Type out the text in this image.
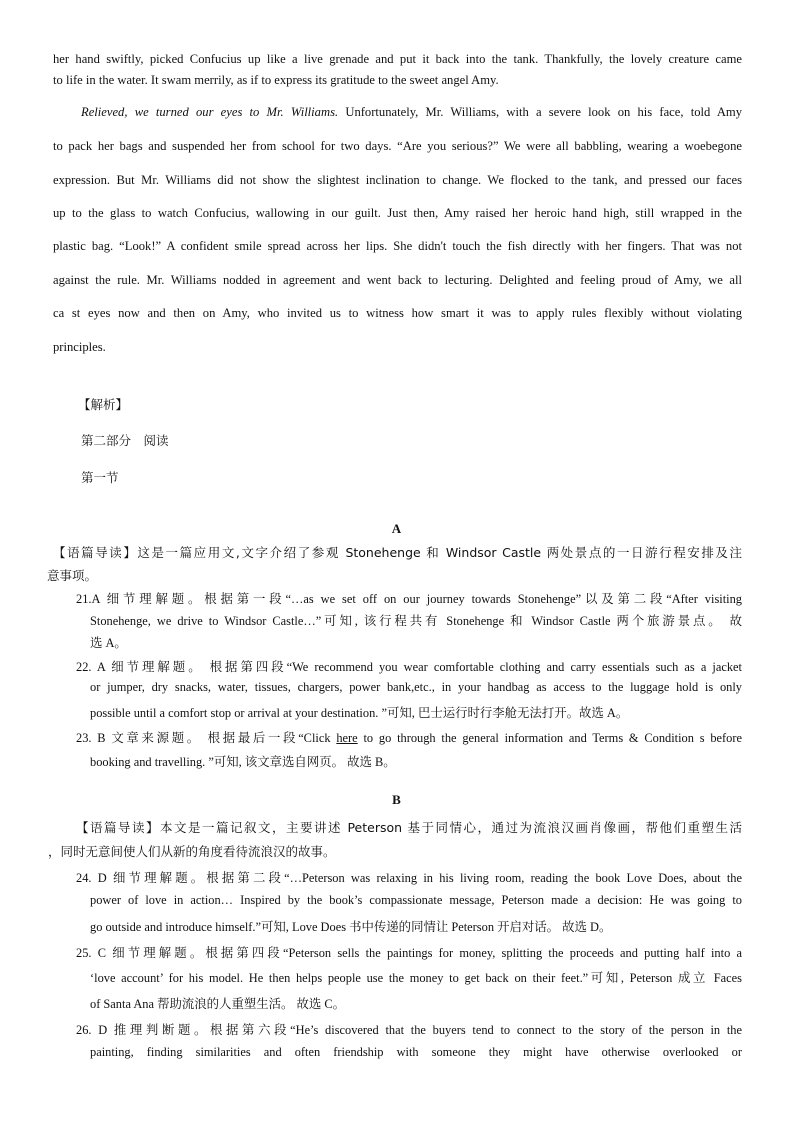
her hand swiftly, picked Confucius up like a live grenade and put it back into the tank. Thankfully, the lovely creature came
to life in the water. It swam merrily, as if to express its gratitude to the sweet angel Amy.
Relieved, we turned our eyes to Mr. Williams. Unfortunately, Mr. Williams, with a severe look on his face, told Amy
to pack her bags and suspended her from school for two days. “Are you serious?” We were all babbling, wearing a woebegone
expression. But Mr. Williams did not show the slightest inclination to change. We flocked to the tank, and pressed our faces
up to the glass to watch Confucius, wallowing in our guilt. Just then, Amy raised her heroic hand high, still wrapped in the
plastic bag. “Look!” A confident smile spread across her lips. She didn't touch the fish directly with her fingers. That was not
against the rule. Mr. Williams nodded in agreement and went back to lecturing. Delighted and feeling proud of Amy, we all
ca st eyes now and then on Amy, who invited us to witness how smart it was to apply rules flexibly without violating
principles.
【解析】
第二部分　阅读
第一节
A
【语篇导读】这是一篇应用文,文字介绍了参观 Stonehenge 和 Windsor Castle 两处景点的一日游行程安排及注
意事项。
21.A 细节理解题。根据第一段“…as we set off on our journey towards Stonehenge”以及第二段“After visiting
Stonehenge, we drive to Windsor Castle…”可知, 该行程共有 Stonehenge 和 Windsor Castle 两个旅游景点。 故
选 A。
22. A 细节理解题。 根据第四段“We recommend you wear comfortable clothing and carry essentials such as a jacket
or jumper, dry snacks, water, tissues, chargers, power bank,etc., in your handbag as access to the luggage hold is only
possible until a comfort stop or arrival at your destination. ”可知, 巴士运行时行李舱无法打开。故选 A。
23. B 文章来源题。 根据最后一段“Click here to go through the general information and Terms & Condition s before
booking and travelling. ”可知, 该文章选自网页。 故选 B。
B
【语篇导读】本文是一篇记叙文，主要讲述 Peterson 基于同情心，通过为流浪汉画肖像画，帮他们重塑生活
，同时无意间使人们从新的角度看待流浪汉的故事。
24. D 细节理解题。根据第二段“…Peterson was relaxing in his living room, reading the book Love Does, about the
power of love in action… Inspired by the book’s compassionate message, Peterson made a decision: He was going to
go outside and introduce himself.”可知, Love Does 书中传递的同情让 Peterson 开启对话。 故选 D。
25. C 细节理解题。根据第四段“Peterson sells the paintings for money, splitting the proceeds and putting half into a
‘love account’ for his model. He then helps people use the money to get back on their feet.”可知, Peterson 成立 Faces
of Santa Ana 帮助流浪的人重塑生活。 故选 C。
26. D 推理判断题。根据第六段“He’s discovered that the buyers tend to connect to the story of the person in the
painting, finding similarities and often friendship with someone they might have otherwise overlooked or
